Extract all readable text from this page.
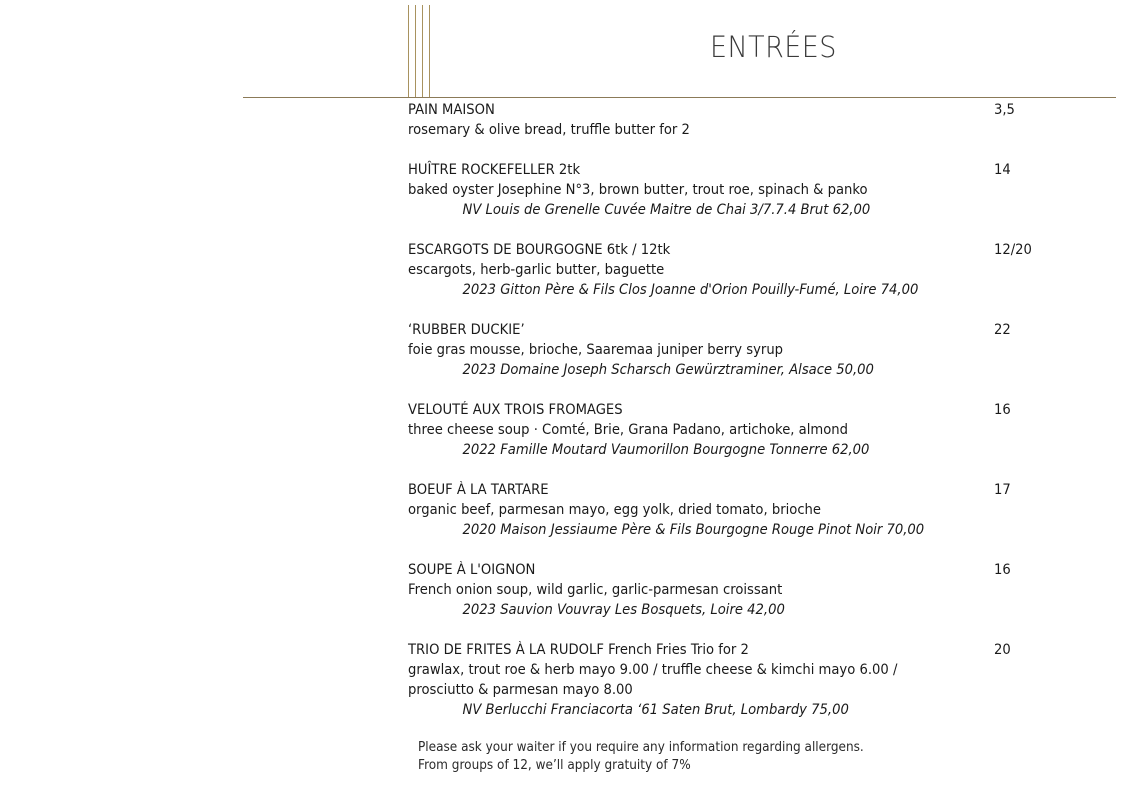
ENTRÉES
PAIN MAISON	3,5
rosemary & olive bread, truffle butter for 2
HUÎTRE ROCKEFELLER 2tk	14
baked oyster Josephine N°3, brown butter, trout roe, spinach & panko
NV Louis de Grenelle Cuvée Maitre de Chai 3/7.7.4 Brut 62,00
ESCARGOTS DE BOURGOGNE 6tk / 12tk	12/20
escargots, herb-garlic butter, baguette
2023 Gitton Père & Fils Clos Joanne d'Orion Pouilly-Fumé, Loire 74,00
‘RUBBER DUCKIE’	22
foie gras mousse, brioche, Saaremaa juniper berry syrup
2023 Domaine Joseph Scharsch Gewürztraminer, Alsace 50,00
VELOUTÉ AUX TROIS FROMAGES	16
three cheese soup · Comté, Brie, Grana Padano, artichoke, almond
2022 Famille Moutard Vaumorillon Bourgogne Tonnerre 62,00
BOEUF À LA TARTARE	17
organic beef, parmesan mayo, egg yolk, dried tomato, brioche
2020 Maison Jessiaume Père & Fils Bourgogne Rouge Pinot Noir 70,00
SOUPE À L'OIGNON	16
French onion soup, wild garlic, garlic-parmesan croissant
2023 Sauvion Vouvray Les Bosquets, Loire 42,00
TRIO DE FRITES À LA RUDOLF French Fries Trio for 2	20
grawlax, trout roe & herb mayo 9.00 / truffle cheese & kimchi mayo 6.00 /
prosciutto & parmesan mayo 8.00
NV Berlucchi Franciacorta ‘61 Saten Brut, Lombardy 75,00
Please ask your waiter if you require any information regarding allergens.
From groups of 12, we’ll apply gratuity of 7%
